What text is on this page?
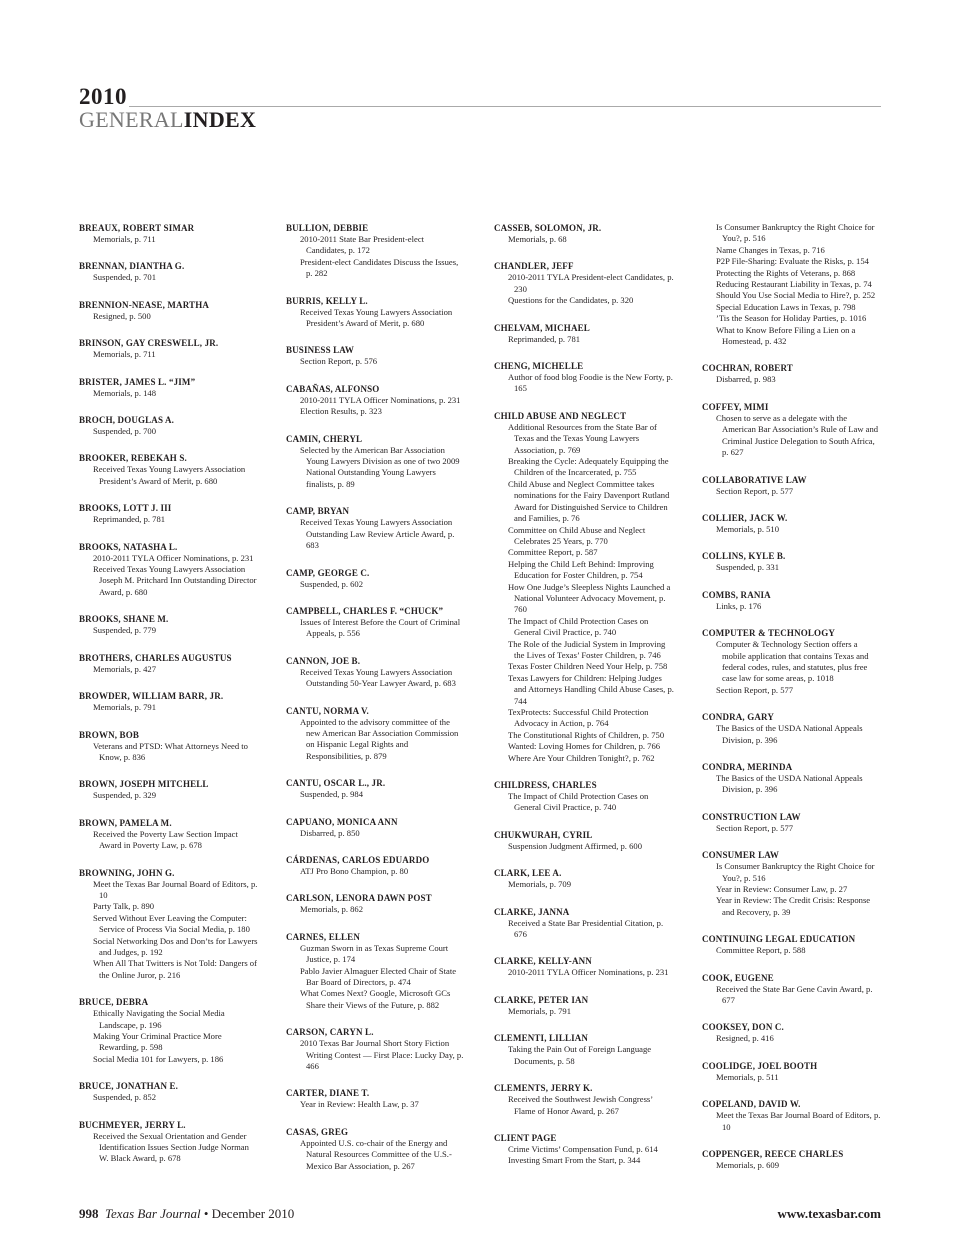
2010
GENERALINDEX
BREAUX, ROBERT SIMAR
Memorials, p. 711
BRENNAN, DIANTHA G.
Suspended, p. 701
BRENNION-NEASE, MARTHA
Resigned, p. 500
BRINSON, GAY CRESWELL, JR.
Memorials, p. 711
BRISTER, JAMES L. “JIM”
Memorials, p. 148
BROCH, DOUGLAS A.
Suspended, p. 700
BROOKER, REBEKAH S.
Received Texas Young Lawyers Association President’s Award of Merit, p. 680
BROOKS, LOTT J. III
Reprimanded, p. 781
BROOKS, NATASHA L.
2010-2011 TYLA Officer Nominations, p. 231
Received Texas Young Lawyers Association Joseph M. Pritchard Inn Outstanding Director Award, p. 680
BROOKS, SHANE M.
Suspended, p. 779
BROTHERS, CHARLES AUGUSTUS
Memorials, p. 427
BROWDER, WILLIAM BARR, JR.
Memorials, p. 791
BROWN, BOB
Veterans and PTSD: What Attorneys Need to Know, p. 836
BROWN, JOSEPH MITCHELL
Suspended, p. 329
BROWN, PAMELA M.
Received the Poverty Law Section Impact Award in Poverty Law, p. 678
BROWNING, JOHN G.
Meet the Texas Bar Journal Board of Editors, p. 10
Party Talk, p. 890
Served Without Ever Leaving the Computer: Service of Process Via Social Media, p. 180
Social Networking Dos and Don’ts for Lawyers and Judges, p. 192
When All That Twitters is Not Told: Dangers of the Online Juror, p. 216
BRUCE, DEBRA
Ethically Navigating the Social Media Landscape, p. 196
Making Your Criminal Practice More Rewarding, p. 598
Social Media 101 for Lawyers, p. 186
BRUCE, JONATHAN E.
Suspended, p. 852
BUCHMEYER, JERRY L.
Received the Sexual Orientation and Gender Identification Issues Section Judge Norman W. Black Award, p. 678
BULLION, DEBBIE
2010-2011 State Bar President-elect Candidates, p. 172
President-elect Candidates Discuss the Issues, p. 282
BURRIS, KELLY L.
Received Texas Young Lawyers Association President’s Award of Merit, p. 680
BUSINESS LAW
Section Report, p. 576
CABAÑAS, ALFONSO
2010-2011 TYLA Officer Nominations, p. 231
Election Results, p. 323
CAMIN, CHERYL
Selected by the American Bar Association Young Lawyers Division as one of two 2009 National Outstanding Young Lawyers finalists, p. 89
CAMP, BRYAN
Received Texas Young Lawyers Association Outstanding Law Review Article Award, p. 683
CAMP, GEORGE C.
Suspended, p. 602
CAMPBELL, CHARLES F. “CHUCK”
Issues of Interest Before the Court of Criminal Appeals, p. 556
CANNON, JOE B.
Received Texas Young Lawyers Association Outstanding 50-Year Lawyer Award, p. 683
CANTU, NORMA V.
Appointed to the advisory committee of the new American Bar Association Commission on Hispanic Legal Rights and Responsibilities, p. 879
CANTU, OSCAR L., JR.
Suspended, p. 984
CAPUANO, MONICA ANN
Disbarred, p. 850
CÁRDENAS, CARLOS EDUARDO
ATJ Pro Bono Champion, p. 80
CARLSON, LENORA DAWN POST
Memorials, p. 862
CARNES, ELLEN
Guzman Sworn in as Texas Supreme Court Justice, p. 174
Pablo Javier Almaguer Elected Chair of State Bar Board of Directors, p. 474
What Comes Next? Google, Microsoft GCs Share their Views of the Future, p. 882
CARSON, CARYN L.
2010 Texas Bar Journal Short Story Fiction Writing Contest — First Place: Lucky Day, p. 466
CARTER, DIANE T.
Year in Review: Health Law, p. 37
CASAS, GREG
Appointed U.S. co-chair of the Energy and Natural Resources Committee of the U.S.-Mexico Bar Association, p. 267
CASSEB, SOLOMON, JR.
Memorials, p. 68
CHANDLER, JEFF
2010-2011 TYLA President-elect Candidates, p. 230
Questions for the Candidates, p. 320
CHELVAM, MICHAEL
Reprimanded, p. 781
CHENG, MICHELLE
Author of food blog Foodie is the New Forty, p. 165
CHILD ABUSE AND NEGLECT
Additional Resources from the State Bar of Texas and the Texas Young Lawyers Association, p. 769
Breaking the Cycle: Adequately Equipping the Children of the Incarcerated, p. 755
Child Abuse and Neglect Committee takes nominations for the Fairy Davenport Rutland Award for Distinguished Service to Children and Families, p. 76
Committee on Child Abuse and Neglect Celebrates 25 Years, p. 770
Committee Report, p. 587
Helping the Child Left Behind: Improving Education for Foster Children, p. 754
How One Judge’s Sleepless Nights Launched a National Volunteer Advocacy Movement, p. 760
The Impact of Child Protection Cases on General Civil Practice, p. 740
The Role of the Judicial System in Improving the Lives of Texas’ Foster Children, p. 746
Texas Foster Children Need Your Help, p. 758
Texas Lawyers for Children: Helping Judges and Attorneys Handling Child Abuse Cases, p. 744
TexProtects: Successful Child Protection Advocacy in Action, p. 764
The Constitutional Rights of Children, p. 750
Wanted: Loving Homes for Children, p. 766
Where Are Your Children Tonight?, p. 762
CHILDRESS, CHARLES
The Impact of Child Protection Cases on General Civil Practice, p. 740
CHUKWURAH, CYRIL
Suspension Judgment Affirmed, p. 600
CLARK, LEE A.
Memorials, p. 709
CLARKE, JANNA
Received a State Bar Presidential Citation, p. 676
CLARKE, KELLY-ANN
2010-2011 TYLA Officer Nominations, p. 231
CLARKE, PETER IAN
Memorials, p. 791
CLEMENTI, LILLIAN
Taking the Pain Out of Foreign Language Documents, p. 58
CLEMENTS, JERRY K.
Received the Southwest Jewish Congress’ Flame of Honor Award, p. 267
CLIENT PAGE
Crime Victims’ Compensation Fund, p. 614
Investing Smart From the Start, p. 344
Is Consumer Bankruptcy the Right Choice for You?, p. 516
Name Changes in Texas, p. 716
P2P File-Sharing: Evaluate the Risks, p. 154
Protecting the Rights of Veterans, p. 868
Reducing Restaurant Liability in Texas, p. 74
Should You Use Social Media to Hire?, p. 252
Special Education Laws in Texas, p. 798
’Tis the Season for Holiday Parties, p. 1016
What to Know Before Filing a Lien on a Homestead, p. 432
COCHRAN, ROBERT
Disbarred, p. 983
COFFEY, MIMI
Chosen to serve as a delegate with the American Bar Association’s Rule of Law and Criminal Justice Delegation to South Africa, p. 627
COLLABORATIVE LAW
Section Report, p. 577
COLLIER, JACK W.
Memorials, p. 510
COLLINS, KYLE B.
Suspended, p. 331
COMBS, RANIA
Links, p. 176
COMPUTER & TECHNOLOGY
Computer & Technology Section offers a mobile application that contains Texas and federal codes, rules, and statutes, plus free case law for some areas, p. 1018
Section Report, p. 577
CONDRA, GARY
The Basics of the USDA National Appeals Division, p. 396
CONDRA, MERINDA
The Basics of the USDA National Appeals Division, p. 396
CONSTRUCTION LAW
Section Report, p. 577
CONSUMER LAW
Is Consumer Bankruptcy the Right Choice for You?, p. 516
Year in Review: Consumer Law, p. 27
Year in Review: The Credit Crisis: Response and Recovery, p. 39
CONTINUING LEGAL EDUCATION
Committee Report, p. 588
COOK, EUGENE
Received the State Bar Gene Cavin Award, p. 677
COOKSEY, DON C.
Resigned, p. 416
COOLIDGE, JOEL BOOTH
Memorials, p. 511
COPELAND, DAVID W.
Meet the Texas Bar Journal Board of Editors, p. 10
COPPENGER, REECE CHARLES
Memorials, p. 609
998 Texas Bar Journal • December 2010	www.texasbar.com
